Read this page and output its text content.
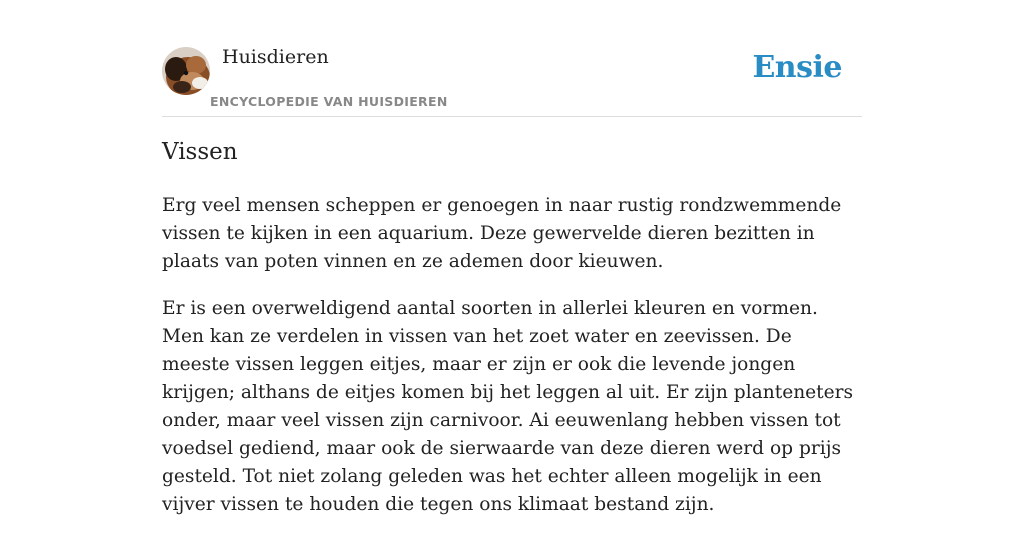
Huisdieren
ENCYCLOPEDIE VAN HUISDIEREN
Ensie
Vissen

Erg veel mensen scheppen er genoegen in naar rustig rondzwemmende vissen te kijken in een aquarium. Deze gewervelde dieren bezitten in plaats van poten vinnen en ze ademen door kieuwen.

Er is een overweldigend aantal soorten in allerlei kleuren en vormen. Men kan ze verdelen in vissen van het zoet water en zeevissen. De meeste vissen leggen eitjes, maar er zijn er ook die levende jongen krijgen; althans de eitjes komen bij het leggen al uit. Er zijn planteneters onder, maar veel vissen zijn carnivoor. Ai eeuwenlang hebben vissen tot voedsel gediend, maar ook de sierwaarde van deze dieren werd op prijs gesteld. Tot niet zolang geleden was het echter alleen mogelijk in een vijver vissen te houden die tegen ons klimaat bestand zijn.
